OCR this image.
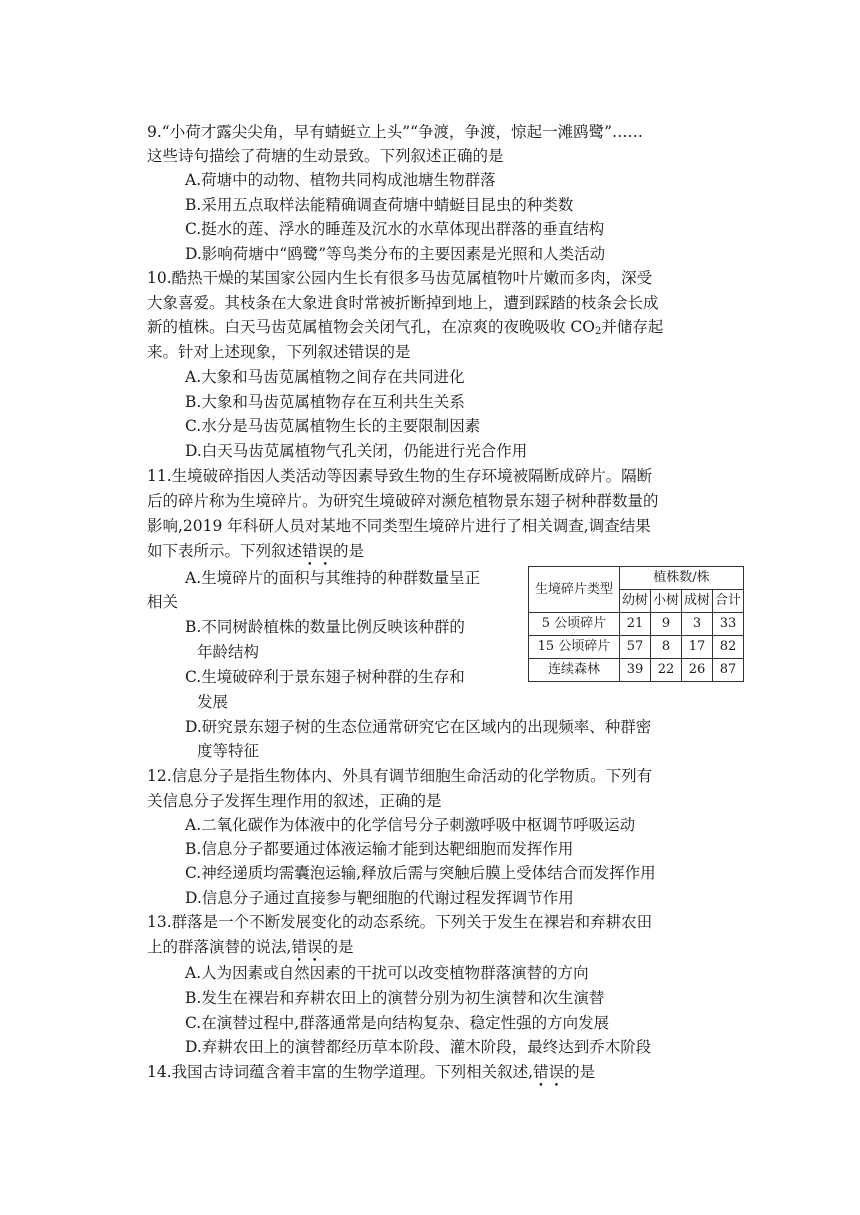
9.“小荷才露尖尖角，早有蜻蜓立上头”“争渡，争渡，惊起一滩鸥鹭”……
这些诗句描绘了荷塘的生动景致。下列叙述正确的是
A.荷塘中的动物、植物共同构成池塘生物群落
B.采用五点取样法能精确调查荷塘中蜻蜓目昆虫的种类数
C.挺水的莲、浮水的睡莲及沉水的水草体现出群落的垂直结构
D.影响荷塘中“鸥鹭”等鸟类分布的主要因素是光照和人类活动
10.酷热干燥的某国家公园内生长有很多马齿苋属植物叶片嫩而多肉，深受
大象喜爱。其枝条在大象进食时常被折断掉到地上，遭到踩踏的枝条会长成
新的植株。白天马齿苋属植物会关闭气孔，在凉爽的夜晚吸收 $CO_2$并储存起
来。针对上述现象，下列叙述错误的是
A.大象和马齿苋属植物之间存在共同进化
B.大象和马齿苋属植物存在互利共生关系
C.水分是马齿苋属植物生长的主要限制因素
D.白天马齿苋属植物气孔关闭，仍能进行光合作用
11.生境破碎指因人类活动等因素导致生物的生存环境被隔断成碎片。隔断
后的碎片称为生境碎片。为研究生境破碎对濒危植物景东翅子树种群数量的
影响,2019 年科研人员对某地不同类型生境碎片进行了相关调查,调查结果
如下表所示。下列叙述错误的是
A.生境碎片的面积与其维持的种群数量呈正
相关
B.不同树龄植株的数量比例反映该种群的
年龄结构
C.生境破碎利于景东翅子树种群的生存和
发展
D.研究景东翅子树的生态位通常研究它在区域内的出现频率、种群密
度等特征
生境碎片类型	植株数/株			
	幼树	小树	成树	合计
5 公顷碎片	21	9	3	33
15 公顷碎片	57	8	17	82
连续森林	39	22	26	87
12.信息分子是指生物体内、外具有调节细胞生命活动的化学物质。下列有
关信息分子发挥生理作用的叙述，正确的是
A.二氧化碳作为体液中的化学信号分子刺激呼吸中枢调节呼吸运动
B.信息分子都要通过体液运输才能到达靶细胞而发挥作用
C.神经递质均需囊泡运输,释放后需与突触后膜上受体结合而发挥作用
D.信息分子通过直接参与靶细胞的代谢过程发挥调节作用
13.群落是一个不断发展变化的动态系统。下列关于发生在裸岩和弃耕农田
上的群落演替的说法,错误的是
A.人为因素或自然因素的干扰可以改变植物群落演替的方向
B.发生在裸岩和弃耕农田上的演替分别为初生演替和次生演替
C.在演替过程中,群落通常是向结构复杂、稳定性强的方向发展
D.弃耕农田上的演替都经历草本阶段、灌木阶段，最终达到乔木阶段
14.我国古诗词蕴含着丰富的生物学道理。下列相关叙述,错误的是
